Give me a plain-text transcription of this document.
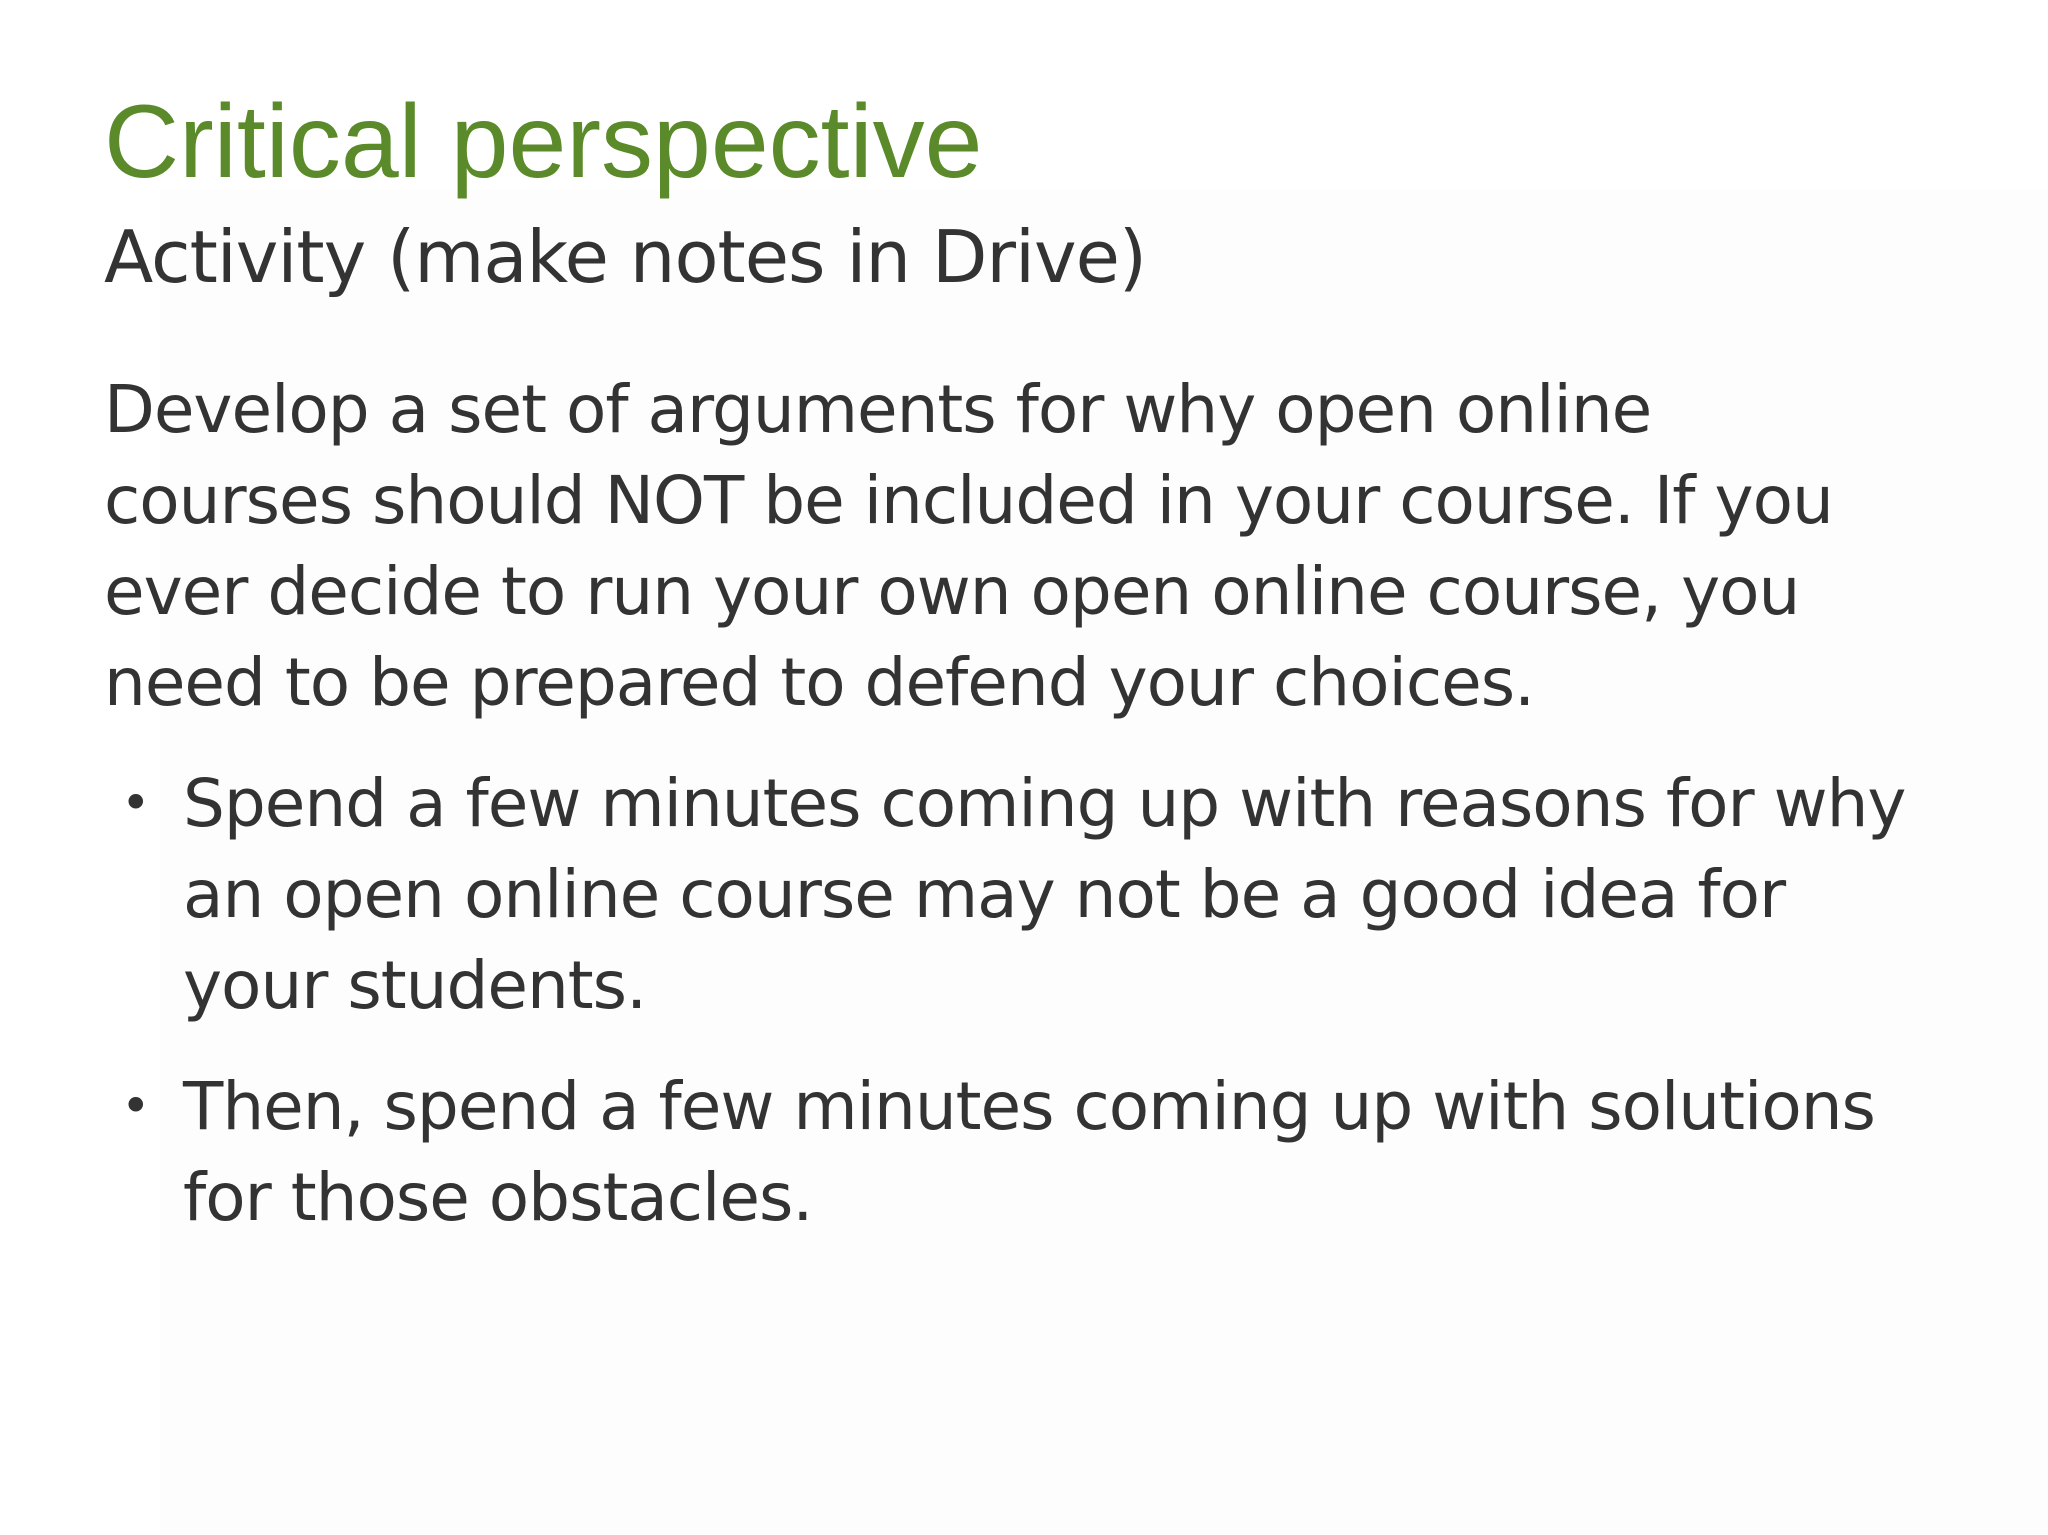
Critical perspective
Activity (make notes in Drive)

Develop a set of arguments for why open online
courses should NOT be included in your course. If you
ever decide to run your own open online course, you
need to be prepared to defend your choices.

• Spend a few minutes coming up with reasons for why
an open online course may not be a good idea for
your students.
• Then, spend a few minutes coming up with solutions
for those obstacles.
